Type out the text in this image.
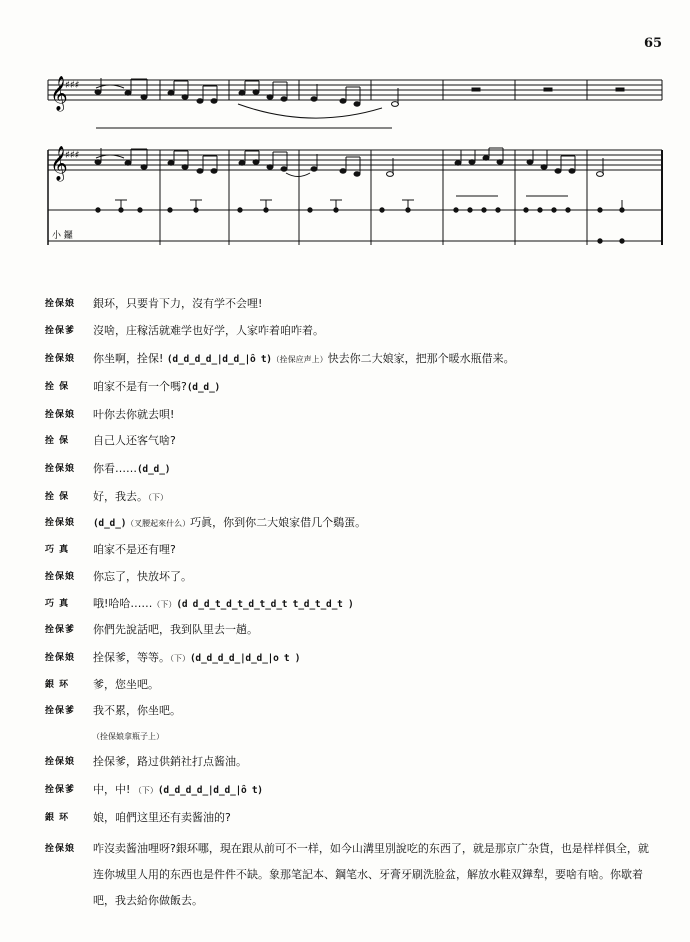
65
𝄞
♯♯♯
𝄞
♯♯♯
小 鑼
拴保娘 銀环，只要肯下力，沒有学不会哩!
拴保爹 沒啥，庄稼活就难学也好学，人家咋着咱咋着。
拴保娘 你坐啊，拴保! (d̲d̲d̲d̲|d̲d̲|ȏ t)（拴保应声上）快去你二大娘家，把那个暖水瓶借来。
拴 保 咱家不是有一个嗎?(d̲d̲)
拴保娘 叶你去你就去唄!
拴 保 自己人还客气啥?
拴保娘 你看……(d̲d̲)
拴 保 好，我去。（下）
拴保娘 (d̲d̲)（叉腰起來什么）巧眞，你到你二大娘家借几个鷄蛋。
巧 真 咱家不是还有哩?
拴保娘 你忘了，快放坏了。
巧 真 哦!哈哈……（下）(d d̲d̲t̲d̲t̲d̲t̲d̲t t̲d̲t̲d̲t )
拴保爹 你們先說話吧，我到队里去一趟。
拴保娘 拴保爹，等等。（下）(d̲d̲d̲d̲|d̲d̲|o t )
銀 环 爹，您坐吧。
拴保爹 我不累，你坐吧。
（拴保娘拿瓶子上）
拴保娘 拴保爹，路过供銷社打点酱油。
拴保爹 中，中! （下）(d̲d̲d̲d̲|d̲d̲|ȏ t)
銀 环 娘，咱們这里还有卖酱油的?
拴保娘 咋沒卖酱油哩呀?銀环哪，現在跟从前可不一样，如今山溝里別說吃的东西了，就是那京广杂貨，也是样样俱全，就连你城里人用的东西也是件件不缺。象那笔記本、鋼笔水、牙膏牙刷洗脸盆，解放水鞋双鏵犁，要啥有啥。你歇着吧，我去給你做飯去。
